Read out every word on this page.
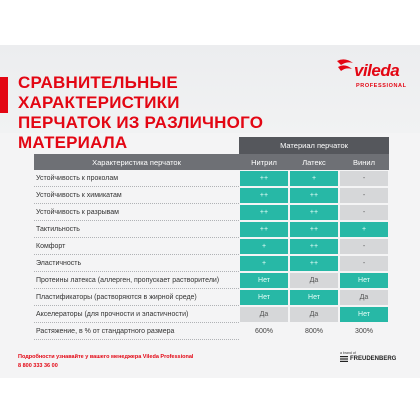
СРАВНИТЕЛЬНЫЕ ХАРАКТЕРИСТИКИ
ПЕРЧАТОК ИЗ РАЗЛИЧНОГО МАТЕРИАЛА
vileda
PROFESSIONAL
Материал перчаток
Характеристика перчаток	Нитрил	Латекс	Винил
Устойчивость к проколам	++	+	-
Устойчивость к химикатам	++	++	-
Устойчивость к разрывам	++	++	-
Тактильность	++	++	+
Комфорт	+	++	-
Эластичность	+	++	-
Протеины латекса (аллерген, пропускает растворители)	Нет	Да	Нет
Пластификаторы (растворяются в жирной среде)	Нет	Нет	Да
Акселераторы (для прочности и эластичности)	Да	Да	Нет
Растяжение, в % от стандартного размера	600%	800%	300%
Подробности узнавайте у вашего менеджера Vileda Professional
8 800 333 36 00
a brand of
FREUDENBERG
